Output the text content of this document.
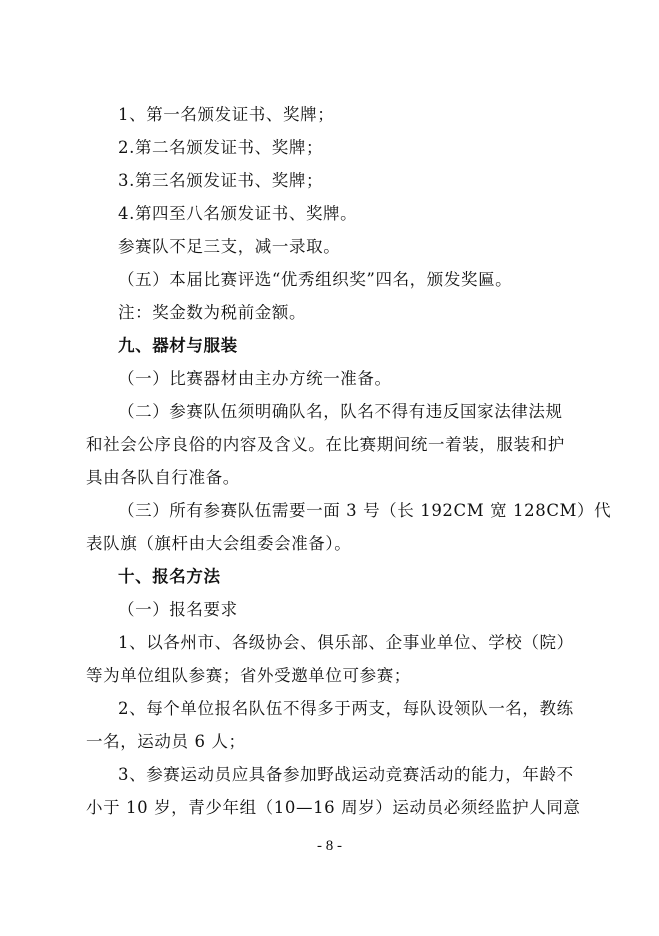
1、第一名颁发证书、奖牌；
2.第二名颁发证书、奖牌；
3.第三名颁发证书、奖牌；
4.第四至八名颁发证书、奖牌。
参赛队不足三支，减一录取。
（五）本届比赛评选“优秀组织奖”四名，颁发奖匾。
注：奖金数为税前金额。
九、器材与服装
（一）比赛器材由主办方统一准备。
（二）参赛队伍须明确队名，队名不得有违反国家法律法规
和社会公序良俗的内容及含义。在比赛期间统一着装，服装和护
具由各队自行准备。
（三）所有参赛队伍需要一面 3 号（长 192CM 宽 128CM）代
表队旗（旗杆由大会组委会准备）。
十、报名方法
（一）报名要求
1、以各州市、各级协会、俱乐部、企事业单位、学校（院）
等为单位组队参赛；省外受邀单位可参赛；
2、每个单位报名队伍不得多于两支，每队设领队一名，教练
一名，运动员 6 人；
3、参赛运动员应具备参加野战运动竞赛活动的能力，年龄不
小于 10 岁，青少年组（10—16 周岁）运动员必须经监护人同意
- 8 -
